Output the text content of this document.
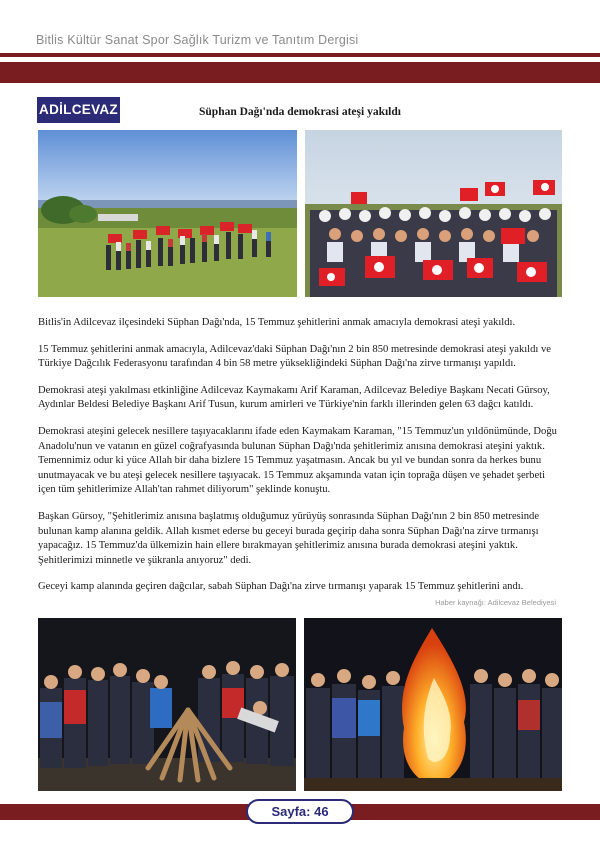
Bitlis Kültür Sanat Spor Sağlık Turizm ve Tanıtım Dergisi
ADİLCEVAZ	Süphan Dağı'nda demokrasi ateşi yakıldı

Bitlis'in Adilcevaz ilçesindeki Süphan Dağı'nda, 15 Temmuz şehitlerini anmak amacıyla demokrasi ateşi yakıldı.

15 Temmuz şehitlerini anmak amacıyla, Adilcevaz'daki Süphan Dağı'nın 2 bin 850 metresinde demokrasi ateşi yakıldı ve Türkiye Dağcılık Federasyonu tarafından 4 bin 58 metre yüksekliğindeki Süphan Dağı'na zirve tırmanışı yapıldı.

Demokrasi ateşi yakılması etkinliğine Adilcevaz Kaymakamı Arif Karaman, Adilcevaz Belediye Başkanı Necati Gürsoy, Aydınlar Beldesi Belediye Başkanı Arif Tusun, kurum amirleri ve Türkiye'nin farklı illerinden gelen 63 dağcı katıldı.

Demokrasi ateşini gelecek nesillere taşıyacaklarını ifade eden Kaymakam Karaman, "15 Temmuz'un yıldönümünde, Doğu Anadolu'nun ve vatanın en güzel coğrafyasında bulunan Süphan Dağı'nda şehitlerimiz anısına demokrasi ateşini yaktık. Temennimiz odur ki yüce Allah bir daha bizlere 15 Temmuz yaşatmasın. Ancak bu yıl ve bundan sonra da herkes bunu unutmayacak ve bu ateşi gelecek nesillere taşıyacak. 15 Temmuz akşamında vatan için toprağa düşen ve şehadet şerbeti içen tüm şehitlerimize Allah'tan rahmet diliyorum" şeklinde konuştu.

Başkan Gürsoy, "Şehitlerimiz anısına başlatmış olduğumuz yürüyüş sonrasında Süphan Dağı'nın 2 bin 850 metresinde bulunan kamp alanına geldik. Allah kısmet ederse bu geceyi burada geçirip daha sonra Süphan Dağı'na zirve tırmanışı yapacağız. 15 Temmuz'da ülkemizin hain ellere bırakmayan şehitlerimiz anısına burada demokrasi ateşini yaktık. Şehitlerimizi minnetle ve şükranla anıyoruz" dedi.

Geceyi kamp alanında geçiren dağcılar, sabah Süphan Dağı'na zirve tırmanışı yaparak 15 Temmuz şehitlerini andı.

Haber kaynağı: Adilcevaz Belediyesi
Sayfa: 46
